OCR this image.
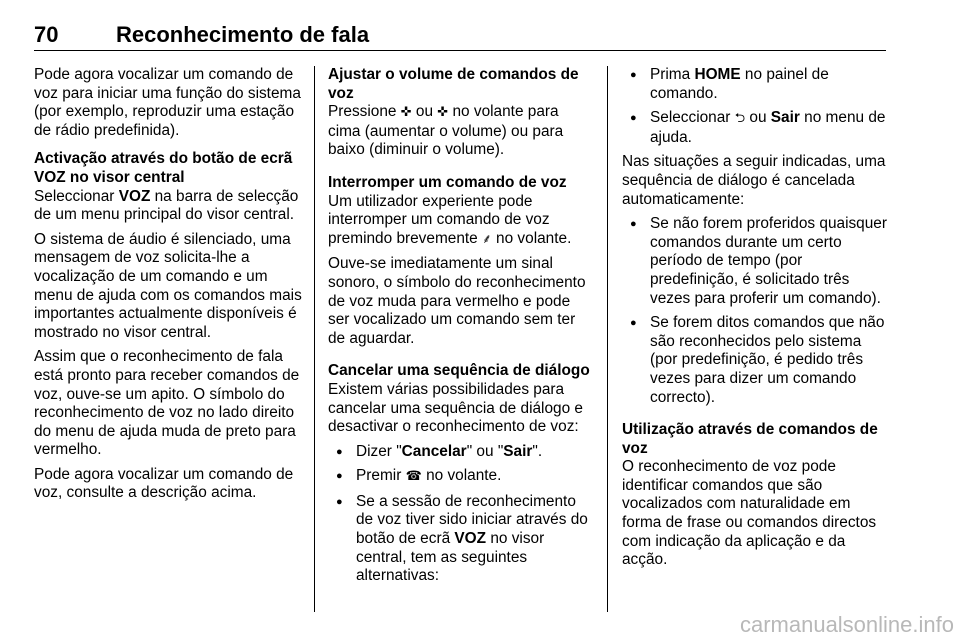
70	Reconhecimento de fala

Pode agora vocalizar um comando de voz para iniciar uma função do sistema (por exemplo, reproduzir uma estação de rádio predefinida).

Activação através do botão de ecrã VOZ no visor central

Seleccionar VOZ na barra de selecção de um menu principal do visor central.

O sistema de áudio é silenciado, uma mensagem de voz solicita-lhe a vocalização de um comando e um menu de ajuda com os comandos mais importantes actualmente disponíveis é mostrado no visor central.

Assim que o reconhecimento de fala está pronto para receber comandos de voz, ouve-se um apito. O símbolo do reconhecimento de voz no lado direito do menu de ajuda muda de preto para vermelho.

Pode agora vocalizar um comando de voz, consulte a descrição acima.

Ajustar o volume de comandos de voz

Pressione ✜ ou ✜ no volante para cima (aumentar o volume) ou para baixo (diminuir o volume).

Interromper um comando de voz

Um utilizador experiente pode interromper um comando de voz premindo brevemente ⸙ no volante.

Ouve-se imediatamente um sinal sonoro, o símbolo do reconhecimento de voz muda para vermelho e pode ser vocalizado um comando sem ter de aguardar.

Cancelar uma sequência de diálogo

Existem várias possibilidades para cancelar uma sequência de diálogo e desactivar o reconhecimento de voz:

● Dizer "Cancelar" ou "Sair".
● Premir ☎ no volante.
● Se a sessão de reconhecimento de voz tiver sido iniciar através do botão de ecrã VOZ no visor central, tem as seguintes alternativas:
● Prima HOME no painel de comando.
● Seleccionar ⮌ ou Sair no menu de ajuda.

Nas situações a seguir indicadas, uma sequência de diálogo é cancelada automaticamente:

● Se não forem proferidos quaisquer comandos durante um certo período de tempo (por predefinição, é solicitado três vezes para proferir um comando).
● Se forem ditos comandos que não são reconhecidos pelo sistema (por predefinição, é pedido três vezes para dizer um comando correcto).
Utilização através de comandos de voz

O reconhecimento de voz pode identificar comandos que são vocalizados com naturalidade em forma de frase ou comandos directos com indicação da aplicação e da acção.

carmanualsonline.info
